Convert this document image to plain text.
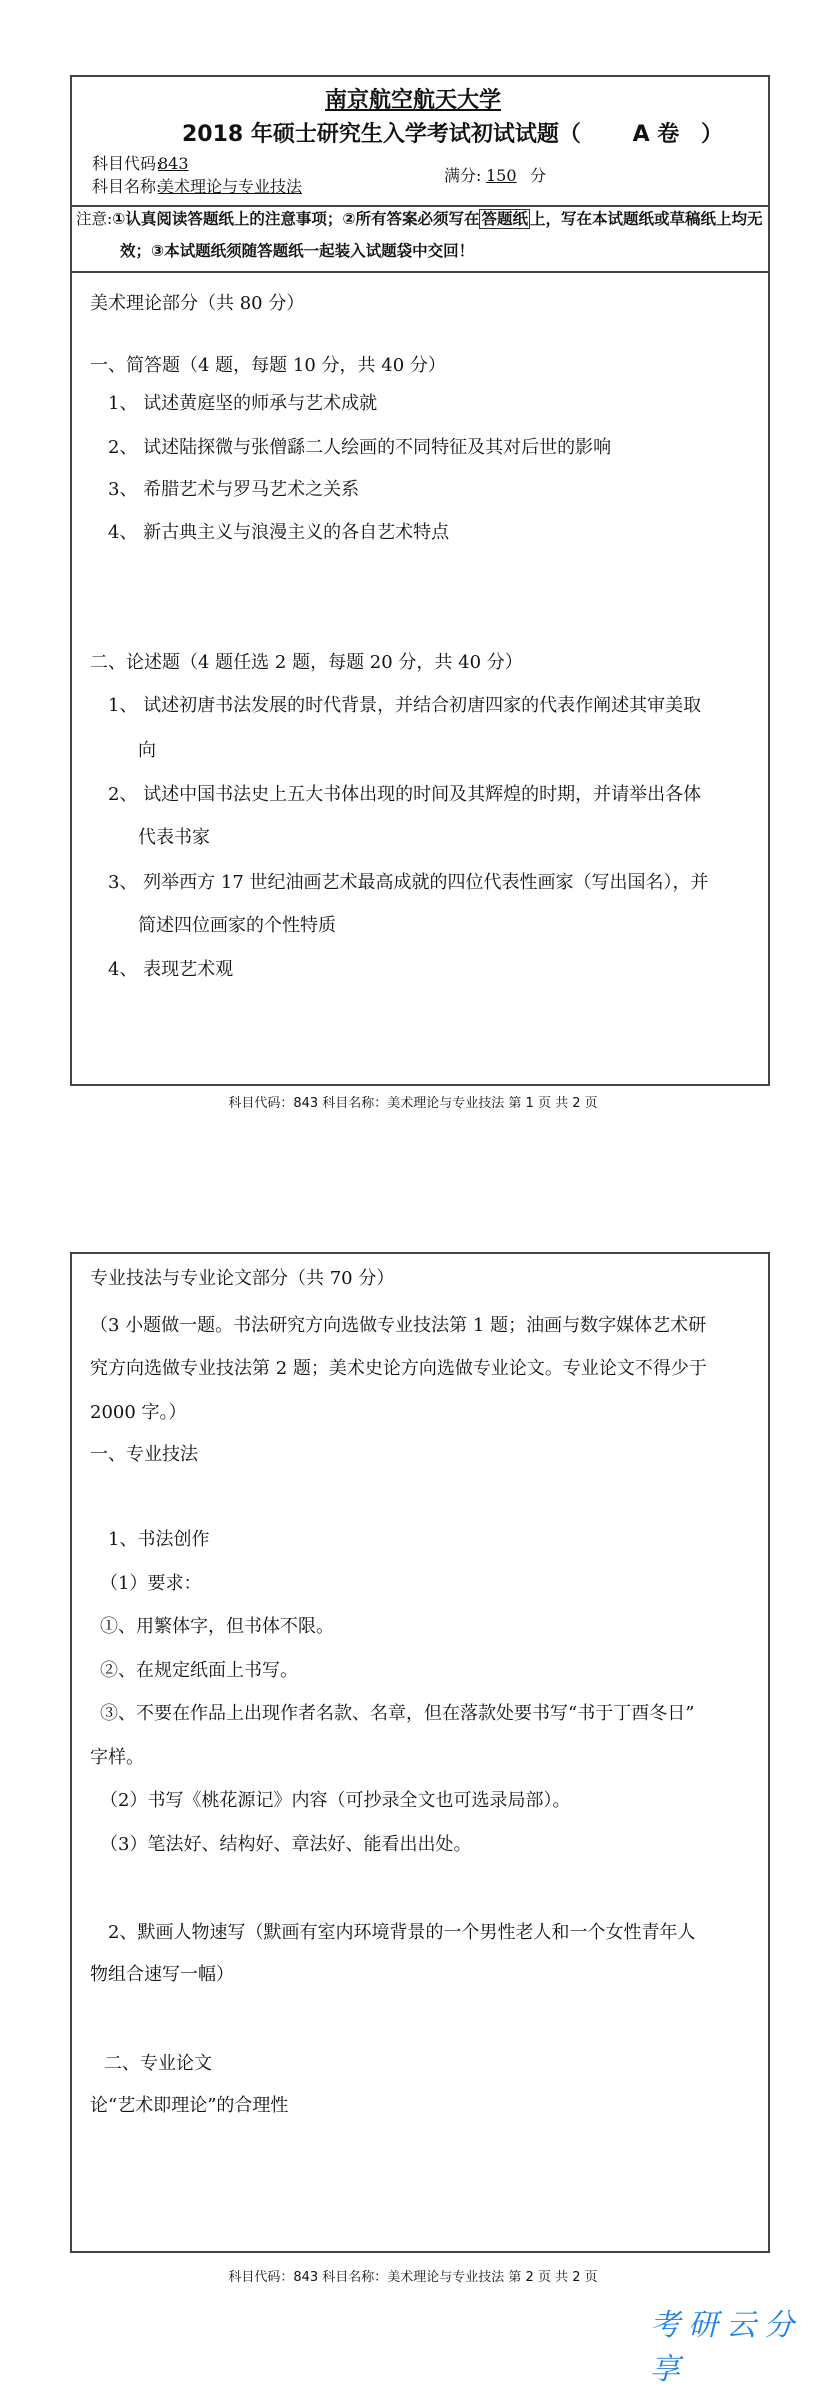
南京航空航天大学
2018 年硕士研究生入学考试初试试题（ A 卷 ）
科目代码:
843
科目名称:
美术理论与专业技法
满分: 150 分
注意:①认真阅读答题纸上的注意事项；②所有答案必须写在 答题纸 上，写在本试题纸或草稿纸上均无
效；③本试题纸须随答题纸一起装入试题袋中交回！
美术理论部分（共 80 分）
一、简答题（4 题，每题 10 分，共 40 分）
1、 试述黄庭坚的师承与艺术成就
2、 试述陆探微与张僧繇二人绘画的不同特征及其对后世的影响
3、 希腊艺术与罗马艺术之关系
4、 新古典主义与浪漫主义的各自艺术特点
二、论述题（4 题任选 2 题，每题 20 分，共 40 分）
1、 试述初唐书法发展的时代背景，并结合初唐四家的代表作阐述其审美取
向
2、 试述中国书法史上五大书体出现的时间及其辉煌的时期，并请举出各体
代表书家
3、 列举西方 17 世纪油画艺术最高成就的四位代表性画家（写出国名），并
简述四位画家的个性特质
4、 表现艺术观
科目代码：843 科目名称：美术理论与专业技法 第 1 页 共 2 页
专业技法与专业论文部分（共 70 分）
（3 小题做一题。书法研究方向选做专业技法第 1 题；油画与数字媒体艺术研
究方向选做专业技法第 2 题；美术史论方向选做专业论文。专业论文不得少于
2000 字。）
一、专业技法
1、书法创作
（1）要求：
①、用繁体字，但书体不限。
②、在规定纸面上书写。
③、不要在作品上出现作者名款、名章，但在落款处要书写“书于丁酉冬日”
字样。
（2）书写《桃花源记》内容（可抄录全文也可选录局部）。
（3）笔法好、结构好、章法好、能看出出处。
2、默画人物速写（默画有室内环境背景的一个男性老人和一个女性青年人
物组合速写一幅）
二、专业论文
论“艺术即理论”的合理性
科目代码：843 科目名称：美术理论与专业技法 第 2 页 共 2 页
考研云分享
